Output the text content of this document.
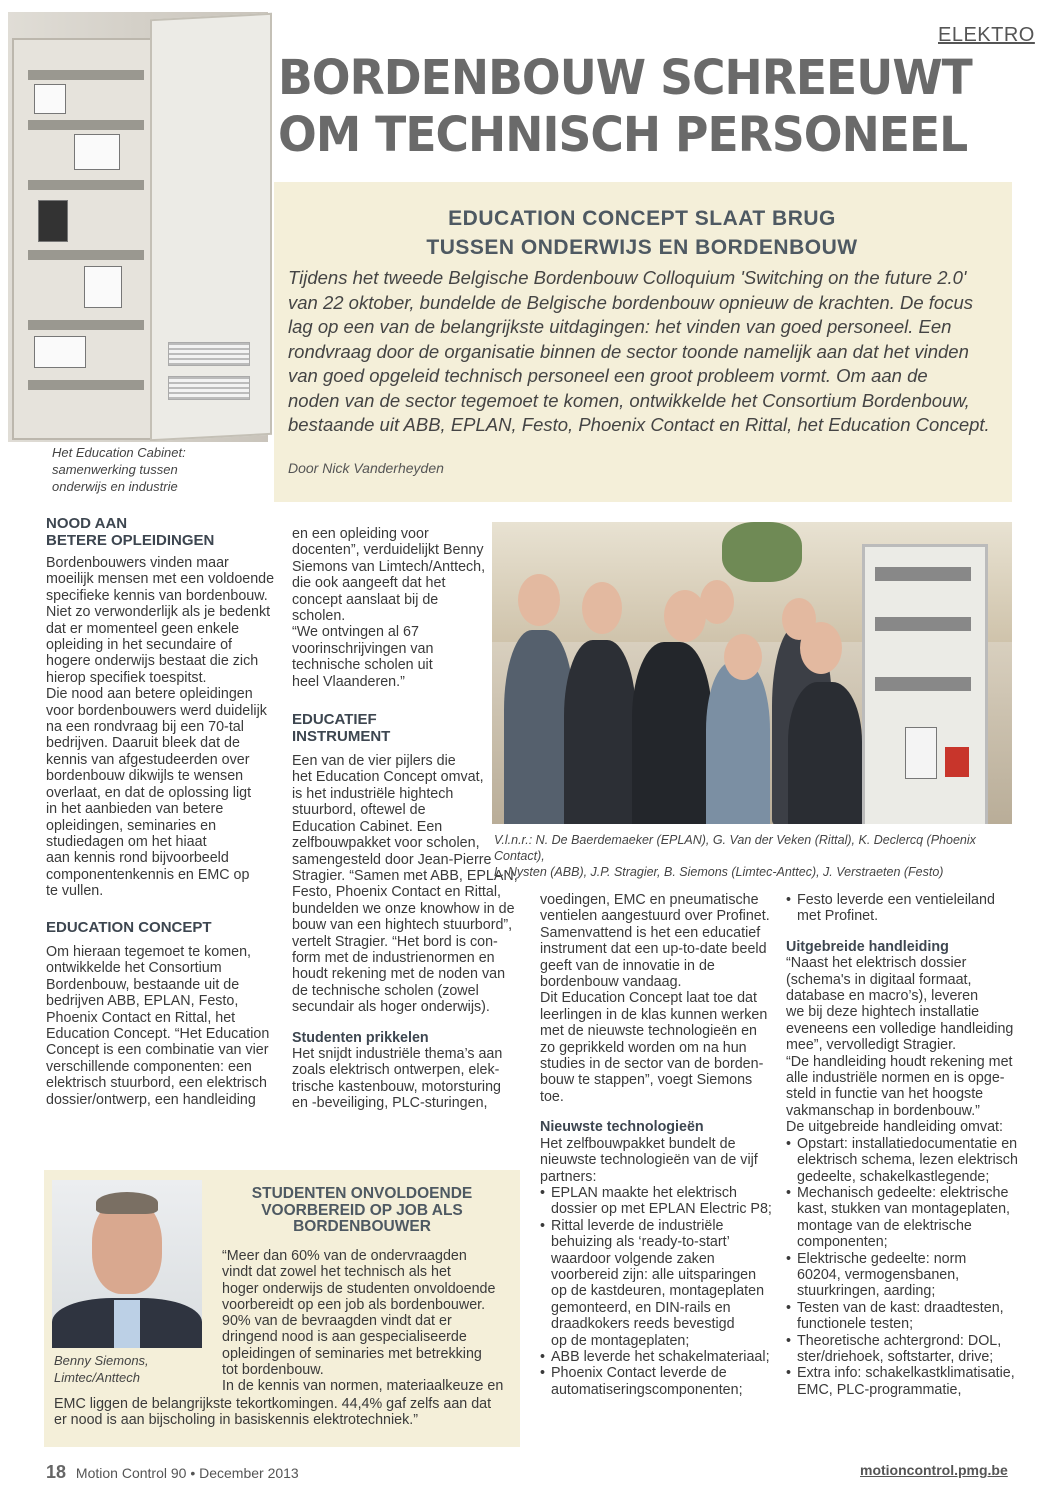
ELEKTRO
BORDENBOUW SCHREEUWT
OM TECHNISCH PERSONEEL
Het Education Cabinet:
samenwerking tussen
onderwijs en industrie
EDUCATION CONCEPT SLAAT BRUG
TUSSEN ONDERWIJS EN BORDENBOUW
Tijdens het tweede Belgische Bordenbouw Colloquium 'Switching on the future 2.0'
van 22 oktober, bundelde de Belgische bordenbouw opnieuw de krachten. De focus
lag op een van de belangrijkste uitdagingen: het vinden van goed personeel. Een
rondvraag door de organisatie binnen de sector toonde namelijk aan dat het vinden
van goed opgeleid technisch personeel een groot probleem vormt. Om aan de
noden van de sector tegemoet te komen, ontwikkelde het Consortium Bordenbouw,
bestaande uit ABB, EPLAN, Festo, Phoenix Contact en Rittal, het Education Concept.
Door Nick Vanderheyden
NOOD AAN
BETERE OPLEIDINGEN
Bordenbouwers vinden maar
moeilijk mensen met een voldoende
specifieke kennis van bordenbouw.
Niet zo verwonderlijk als je bedenkt
dat er momenteel geen enkele
opleiding in het secundaire of
hogere onderwijs bestaat die zich
hierop specifiek toespitst.
Die nood aan betere opleidingen
voor bordenbouwers werd duidelijk
na een rondvraag bij een 70-tal
bedrijven. Daaruit bleek dat de
kennis van afgestudeerden over
bordenbouw dikwijls te wensen
overlaat, en dat de oplossing ligt
in het aanbieden van betere
opleidingen, seminaries en
studiedagen om het hiaat
aan kennis rond bijvoorbeeld
componentenkennis en EMC op
te vullen.
EDUCATION CONCEPT
Om hieraan tegemoet te komen,
ontwikkelde het Consortium
Bordenbouw, bestaande uit de
bedrijven ABB, EPLAN, Festo,
Phoenix Contact en Rittal, het
Education Concept. “Het Education
Concept is een combinatie van vier
verschillende componenten: een
elektrisch stuurbord, een elektrisch
dossier/ontwerp, een handleiding
en een opleiding voor
docenten”, verduidelijkt Benny
Siemons van Limtech/Anttech,
die ook aangeeft dat het
concept aanslaat bij de
scholen.
“We ontvingen al 67
voorinschrijvingen van
technische scholen uit
heel Vlaanderen.”
EDUCATIEF
INSTRUMENT
Een van de vier pijlers die
het Education Concept omvat,
is het industriële hightech
stuurbord, oftewel de
Education Cabinet. Een
zelfbouwpakket voor scholen,
samengesteld door Jean-Pierre
Stragier. “Samen met ABB, EPLAN,
Festo, Phoenix Contact en Rittal,
bundelden we onze knowhow in de
bouw van een hightech stuurbord”,
vertelt Stragier. “Het bord is con-
form met de industrienormen en
houdt rekening met de noden van
de technische scholen (zowel
secundair als hoger onderwijs).
Studenten prikkelen
Het snijdt industriële thema’s aan
zoals elektrisch ontwerpen, elek-
trische kastenbouw, motorsturing
en -beveiliging, PLC-sturingen,
V.l.n.r.: N. De Baerdemaeker (EPLAN), G. Van der Veken (Rittal), K. Declercq (Phoenix Contact),
L. Nysten (ABB), J.P. Stragier, B. Siemons (Limtec-Anttec), J. Verstraeten (Festo)
voedingen, EMC en pneumatische
ventielen aangestuurd over Profinet.
Samenvattend is het een educatief
instrument dat een up-to-date beeld
geeft van de innovatie in de
bordenbouw vandaag.
Dit Education Concept laat toe dat
leerlingen in de klas kunnen werken
met de nieuwste technologieën en
zo geprikkeld worden om na hun
studies in de sector van de borden-
bouw te stappen”, voegt Siemons
toe.
Nieuwste technologieën
Het zelfbouwpakket bundelt de
nieuwste technologieën van de vijf
partners:
• EPLAN maakte het elektrisch
dossier op met EPLAN Electric P8;
• Rittal leverde de industriële
behuizing als ‘ready-to-start’
waardoor volgende zaken
voorbereid zijn: alle uitsparingen
op de kastdeuren, montageplaten
gemonteerd, en DIN-rails en
draadkokers reeds bevestigd
op de montageplaten;
• ABB leverde het schakelmateriaal;
• Phoenix Contact leverde de
automatiseringscomponenten;
• Festo leverde een ventieleiland
met Profinet.
Uitgebreide handleiding
“Naast het elektrisch dossier
(schema's in digitaal formaat,
database en macro’s), leveren
we bij deze hightech installatie
eveneens een volledige handleiding
mee”, vervolledigt Stragier.
“De handleiding houdt rekening met
alle industriële normen en is opge-
steld in functie van het hoogste
vakmanschap in bordenbouw.”
De uitgebreide handleiding omvat:
• Opstart: installatiedocumentatie en
elektrisch schema, lezen elektrisch
gedeelte, schakelkastlegende;
• Mechanisch gedeelte: elektrische
kast, stukken van montageplaten,
montage van de elektrische
componenten;
• Elektrische gedeelte: norm
60204, vermogensbanen,
stuurkringen, aarding;
• Testen van de kast: draadtesten,
functionele testen;
• Theoretische achtergrond: DOL,
ster/driehoek, softstarter, drive;
• Extra info: schakelkastklimatisatie,
EMC, PLC-programmatie,
Benny Siemons,
Limtec/Anttech
STUDENTEN ONVOLDOENDE
VOORBEREID OP JOB ALS
BORDENBOUWER
“Meer dan 60% van de ondervraagden
vindt dat zowel het technisch als het
hoger onderwijs de studenten onvoldoende
voorbereidt op een job als bordenbouwer.
90% van de bevraagden vindt dat er
dringend nood is aan gespecialiseerde
opleidingen of seminaries met betrekking
tot bordenbouw.
In de kennis van normen, materiaalkeuze en
EMC liggen de belangrijkste tekortkomingen. 44,4% gaf zelfs aan dat
er nood is aan bijscholing in basiskennis elektrotechniek.”
18 Motion Control 90 • December 2013	motioncontrol.pmg.be
